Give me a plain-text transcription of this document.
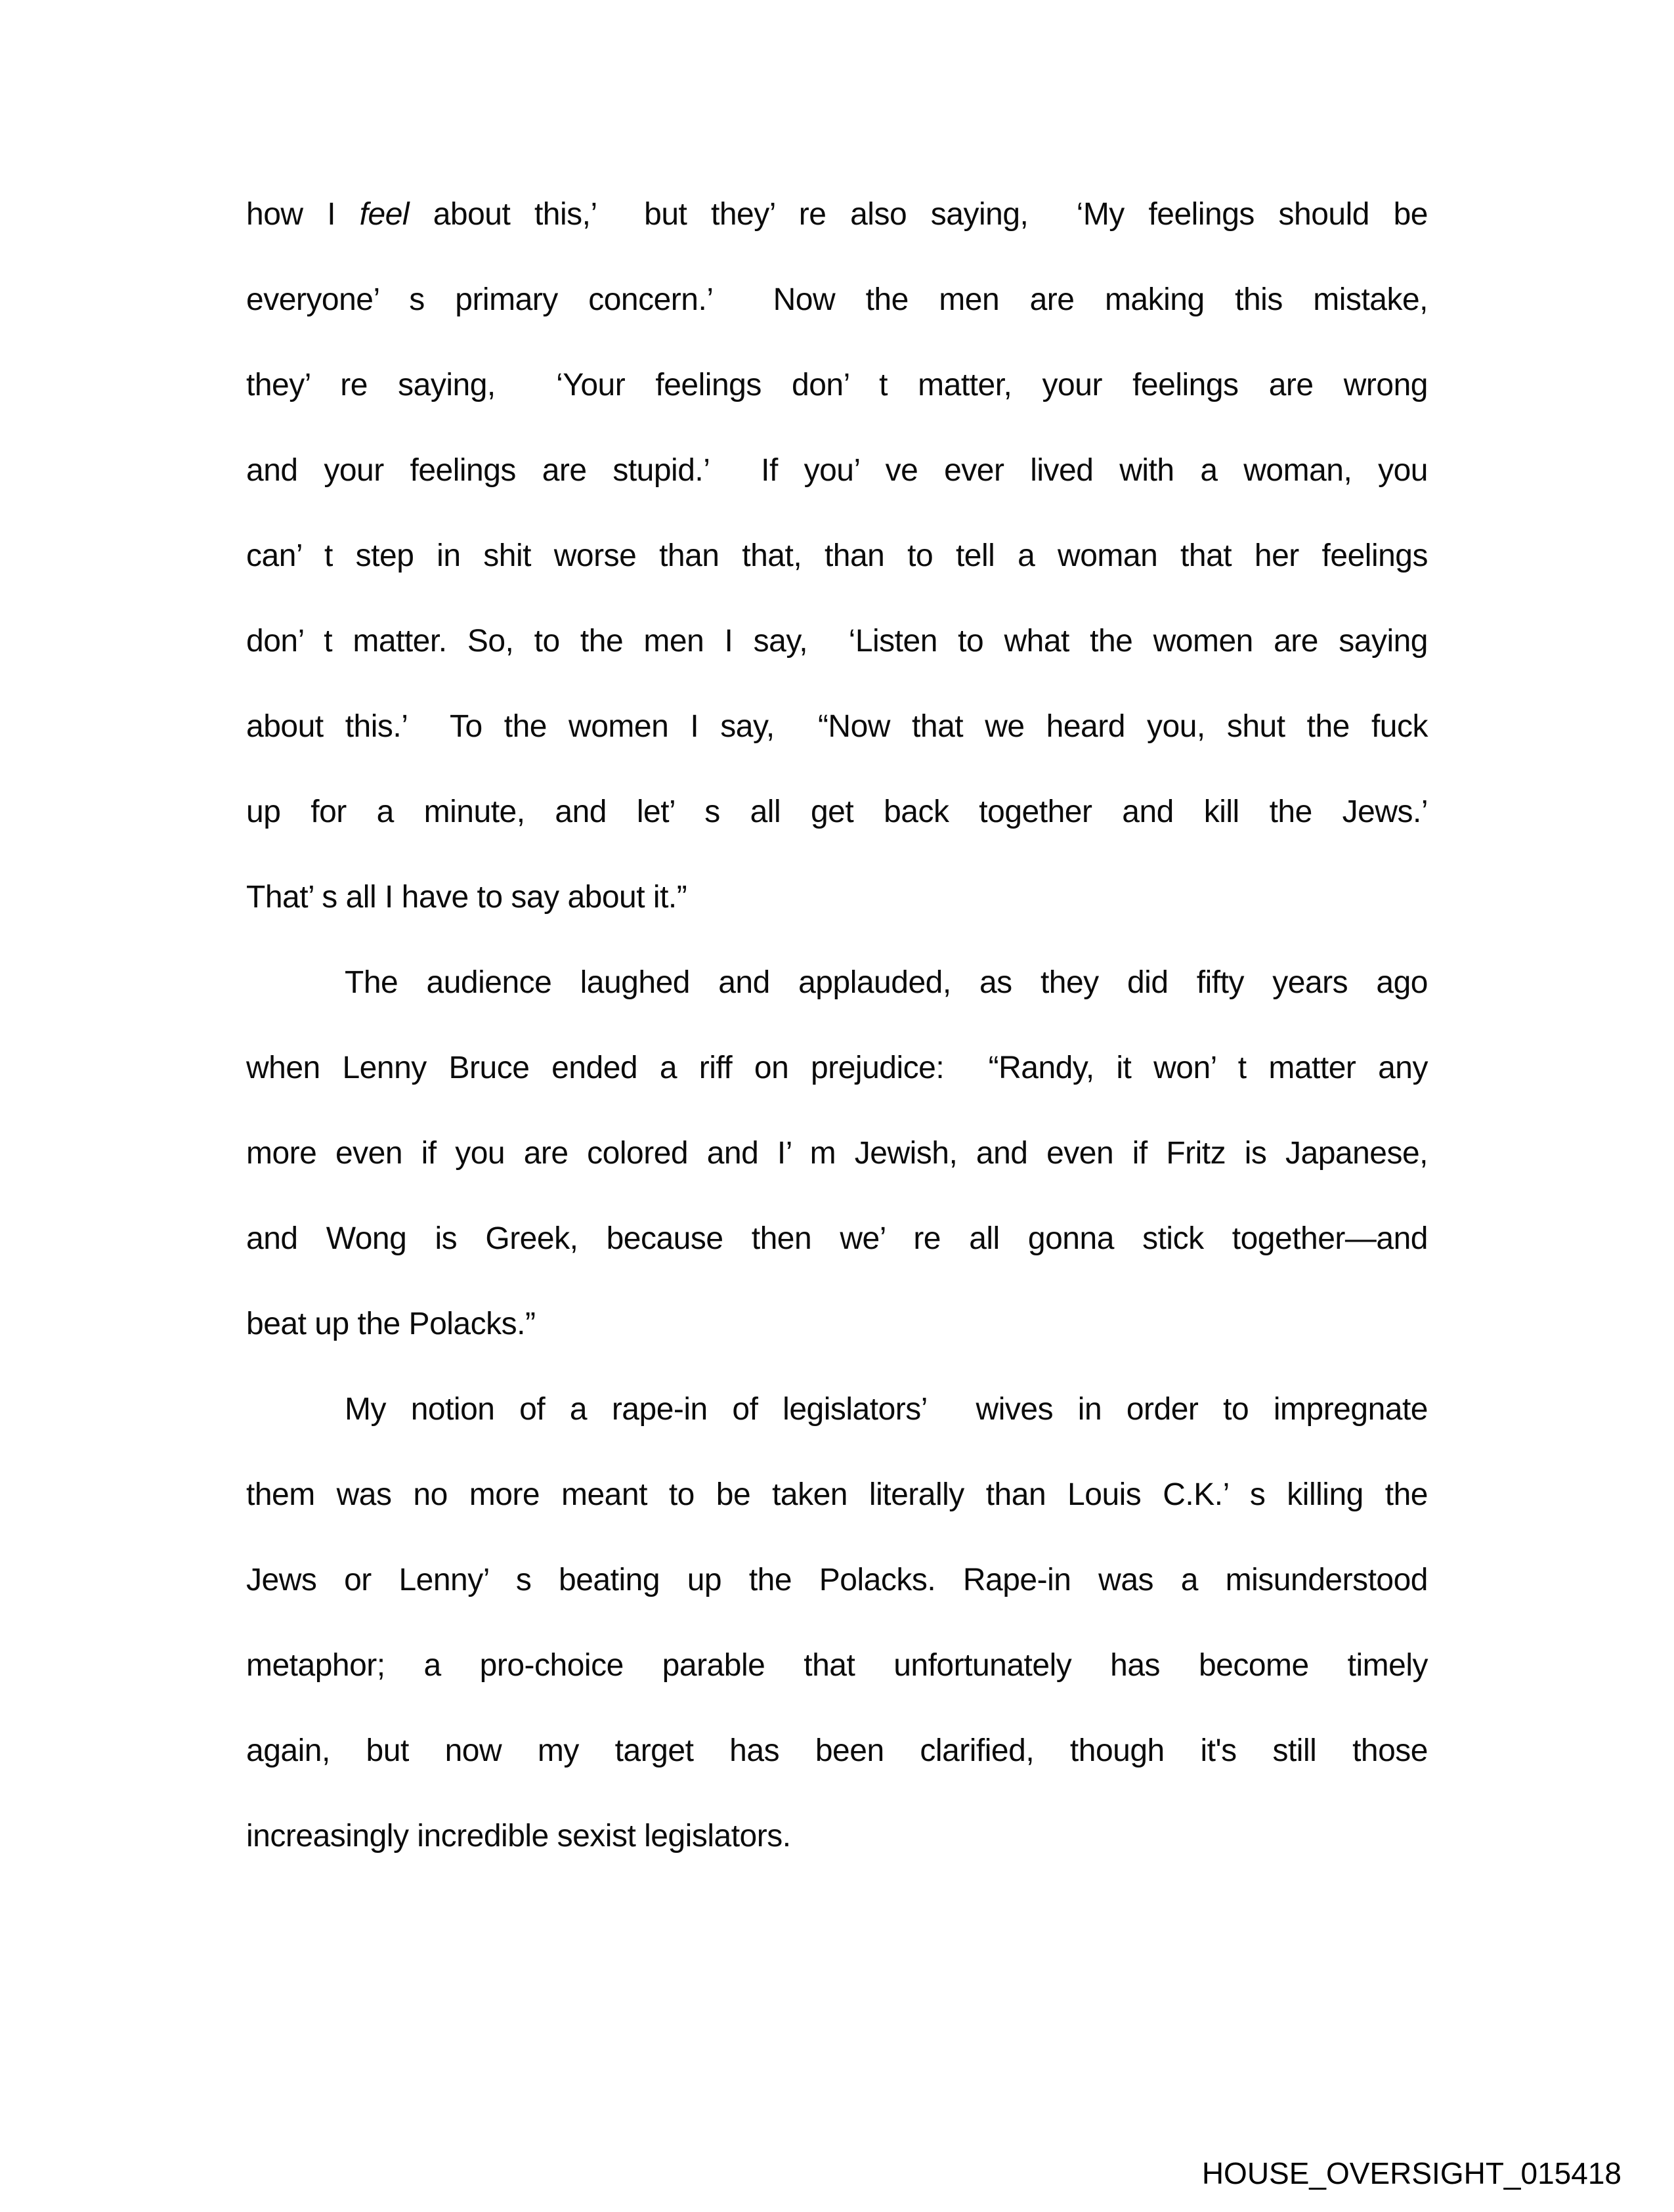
how I feel about this,’  but they’ re also saying,  ‘My feelings should be
everyone’ s primary concern.’  Now the men are making this mistake,
they’ re saying,  ‘Your feelings don’ t matter, your feelings are wrong
and your feelings are stupid.’  If you’ ve ever lived with a woman, you
can’ t step in shit worse than that, than to tell a woman that her feelings
don’ t matter. So, to the men I say,  ‘Listen to what the women are saying
about this.’  To the women I say,  “Now that we heard you, shut the fuck
up for a minute, and let’ s all get back together and kill the Jews.’
That’ s all I have to say about it.”
The audience laughed and applauded, as they did fifty years ago
when Lenny Bruce ended a riff on prejudice:  “Randy, it won’ t matter any
more even if you are colored and I’ m Jewish, and even if Fritz is Japanese,
and Wong is Greek, because then we’ re all gonna stick together—and
beat up the Polacks.”
My notion of a rape-in of legislators’  wives in order to impregnate
them was no more meant to be taken literally than Louis C.K.’ s killing the
Jews or Lenny’ s beating up the Polacks. Rape-in was a misunderstood
metaphor; a pro-choice parable that unfortunately has become timely
again, but now my target has been clarified, though it's still those
increasingly incredible sexist legislators.
HOUSE_OVERSIGHT_015418
